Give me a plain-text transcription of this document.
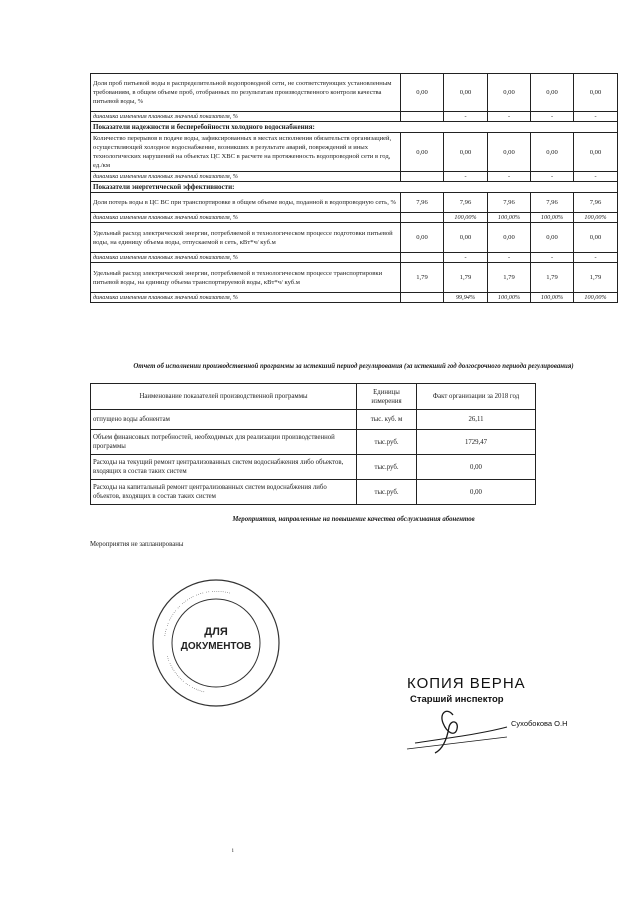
Доля проб питьевой воды в распределительной водопроводной сети, не соответствующих установленным требованиям, в общем объеме проб, отобранных по результатам производственного контроля качества питьевой воды, %	0,00	0,00	0,00	0,00	0,00
динамика изменения плановых значений показателя, %		-	-	-	-
Показатели надежности и бесперебойности холодного водоснабжения:					
Количество перерывов в подаче воды, зафиксированных в местах исполнения обязательств организацией, осуществляющей холодное водоснабжение, возникших в результате аварий, повреждений и иных технологических нарушений на объектах ЦС ХВС в расчете на протяженность водопроводной сети в год, ед./км	0,00	0,00	0,00	0,00	0,00
динамика изменения плановых значений показателя, %		-	-	-	-
Показатели энергетической эффективности:					
Доля потерь воды в ЦС ВС при транспортировке в общем объеме воды, поданной в водопроводную сеть, %	7,96	7,96	7,96	7,96	7,96
динамика изменения плановых значений показателя, %		100,00%	100,00%	100,00%	100,00%
Удельный расход электрической энергии, потребляемой в технологическом процессе подготовки питьевой воды, на единицу объема воды, отпускаемой в сеть, кВт*ч/ куб.м	0,00	0,00	0,00	0,00	0,00
динамика изменения плановых значений показателя, %		-	-	-	-
Удельный расход электрической энергии, потребляемой в технологическом процессе транспортировки питьевой воды, на единицу объема транспортируемой воды, кВт*ч/ куб.м	1,79	1,79	1,79	1,79	1,79
динамика изменения плановых значений показателя, %		99,94%	100,00%	100,00%	100,00%
Отчет об исполнении производственной программы за истекший период регулирования (за истекший год долгосрочного периода регулирования)
Наименование показателей производственной программы	Единицы измерения	Факт организации за 2018 год
отпущено воды абонентам	тыс. куб. м	26,11
Объем финансовых потребностей, необходимых для реализации производственной программы	тыс.руб.	1729,47
Расходы на текущий ремонт централизованных систем водоснабжения либо объектов, входящих в состав таких систем	тыс.руб.	0,00
Расходы на капитальный ремонт централизованных систем водоснабжения либо объектов, входящих в состав таких систем	тыс.руб.	0,00
Мероприятия, направленные на повышение качества обслуживания абонентов
Мероприятия не запланированы
···· ·· ······ ·· ······· ···· ·· ·········
··· ············ ··· ·······
ДЛЯ
ДОКУМЕНТОВ
КОПИЯ ВЕРНА
Старший инспектор
Сухобокова О.Н
i
